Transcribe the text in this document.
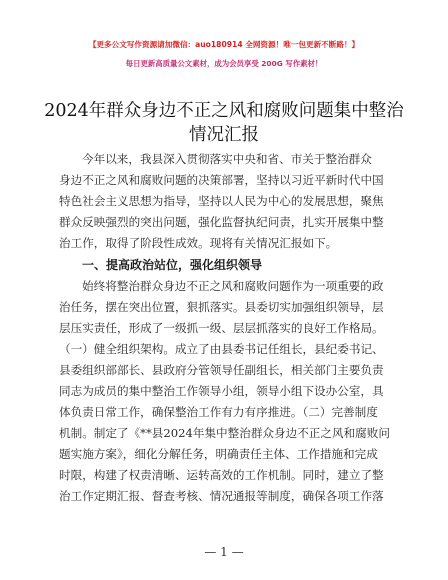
【更多公文写作资源请加微信：auo180914 全网资源！唯一包更新不断路！】
每日更新高质量公文素材，成为会员享受 200G 写作素材！
2024年群众身边不正之风和腐败问题集中整治
情况汇报
今年以来，我县深入贯彻落实中央和省、市关于整治群众
身边不正之风和腐败问题的决策部署，坚持以习近平新时代中国
特色社会主义思想为指导，坚持以人民为中心的发展思想，聚焦
群众反映强烈的突出问题，强化监督执纪问责，扎实开展集中整
治工作，取得了阶段性成效。现将有关情况汇报如下。
一、提高政治站位，强化组织领导
始终将整治群众身边不正之风和腐败问题作为一项重要的政
治任务，摆在突出位置，狠抓落实。县委切实加强组织领导，层
层压实责任，形成了一级抓一级、层层抓落实的良好工作格局。
（一）健全组织架构。成立了由县委书记任组长，县纪委书记、
县委组织部部长、县政府分管领导任副组长，相关部门主要负责
同志为成员的集中整治工作领导小组，领导小组下设办公室，具
体负责日常工作，确保整治工作有力有序推进。（二）完善制度
机制。制定了《**县2024年集中整治群众身边不正之风和腐败问
题实施方案》，细化分解任务，明确责任主体、工作措施和完成
时限，构建了权责清晰、运转高效的工作机制。同时，建立了整
治工作定期汇报、督查考核、情况通报等制度，确保各项工作落
— 1 —
